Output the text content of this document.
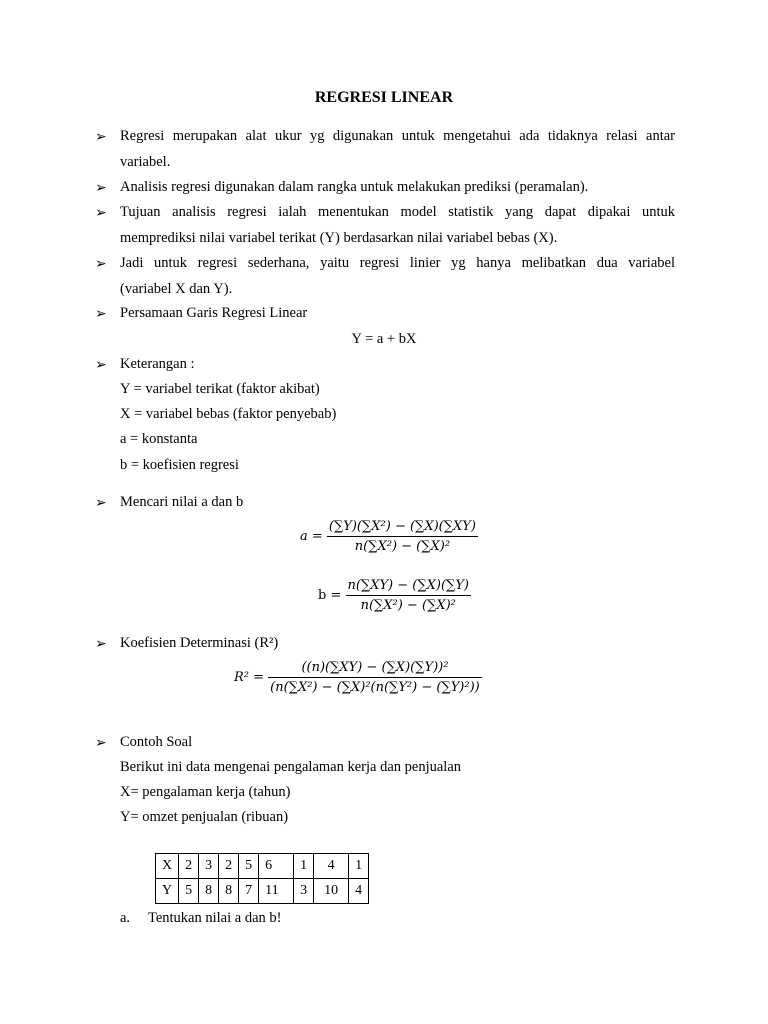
REGRESI LINEAR
➢ Regresi merupakan alat ukur yg digunakan untuk mengetahui ada tidaknya relasi antar
variabel.
➢ Analisis regresi digunakan dalam rangka untuk melakukan prediksi (peramalan).
➢ Tujuan analisis regresi ialah menentukan model statistik yang dapat dipakai untuk
memprediksi nilai variabel terikat (Y) berdasarkan nilai variabel bebas (X).
➢ Jadi untuk regresi sederhana, yaitu regresi linier yg hanya melibatkan dua variabel
(variabel X dan Y).
➢ Persamaan Garis Regresi Linear
Y = a + bX
➢ Keterangan :
Y = variabel terikat (faktor akibat)
X = variabel bebas (faktor penyebab)
a = konstanta
b = koefisien regresi
➢ Mencari nilai a dan b
$a = \frac{\text{(∑Y)(∑X²) − (∑X)(∑XY)}}{\text{n(∑X²) − (∑X)²}}$
$b = \frac{n(\sum XY) - (\sum X)(\sum Y)}{\text{n(∑X²) − (∑X)²}}$
➢ Koefisien Determinasi (R²)
$R^2 = \frac{\text{((n)(∑XY) − (∑X)(∑Y))²}}{\text{(n(∑X²) − (∑X)²(n(∑Y²) − (∑Y)²))}}$
➢ Contoh Soal
Berikut ini data mengenai pengalaman kerja dan penjualan
X= pengalaman kerja (tahun)
Y= omzet penjualan (ribuan)
X	2	3	2	5	6	1	4	1
Y	5	8	8	7	11	3	10	4
a. Tentukan nilai a dan b!
